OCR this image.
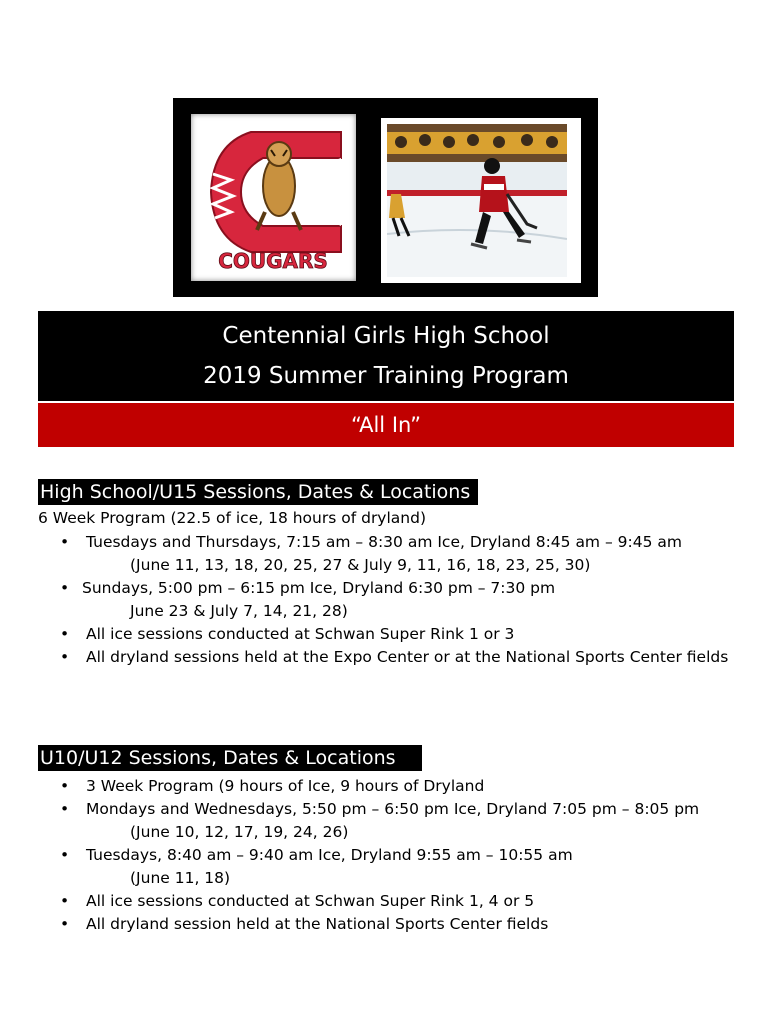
COUGARS
Centennial Girls High School
2019 Summer Training Program
“All In”
High School/U15 Sessions, Dates & Locations
6 Week Program (22.5 of ice, 18 hours of dryland)
• Tuesdays and Thursdays, 7:15 am – 8:30 am Ice, Dryland 8:45 am – 9:45 am
(June 11, 13, 18, 20, 25, 27 & July 9, 11, 16, 18, 23, 25, 30)
• Sundays, 5:00 pm – 6:15 pm Ice, Dryland 6:30 pm – 7:30 pm
June 23 & July 7, 14, 21, 28)
• All ice sessions conducted at Schwan Super Rink 1 or 3
• All dryland sessions held at the Expo Center or at the National Sports Center fields
U10/U12 Sessions, Dates & Locations
• 3 Week Program (9 hours of Ice, 9 hours of Dryland
• Mondays and Wednesdays, 5:50 pm – 6:50 pm Ice, Dryland 7:05 pm – 8:05 pm
(June 10, 12, 17, 19, 24, 26)
• Tuesdays, 8:40 am – 9:40 am Ice, Dryland 9:55 am – 10:55 am
(June 11, 18)
• All ice sessions conducted at Schwan Super Rink 1, 4 or 5
• All dryland session held at the National Sports Center fields
